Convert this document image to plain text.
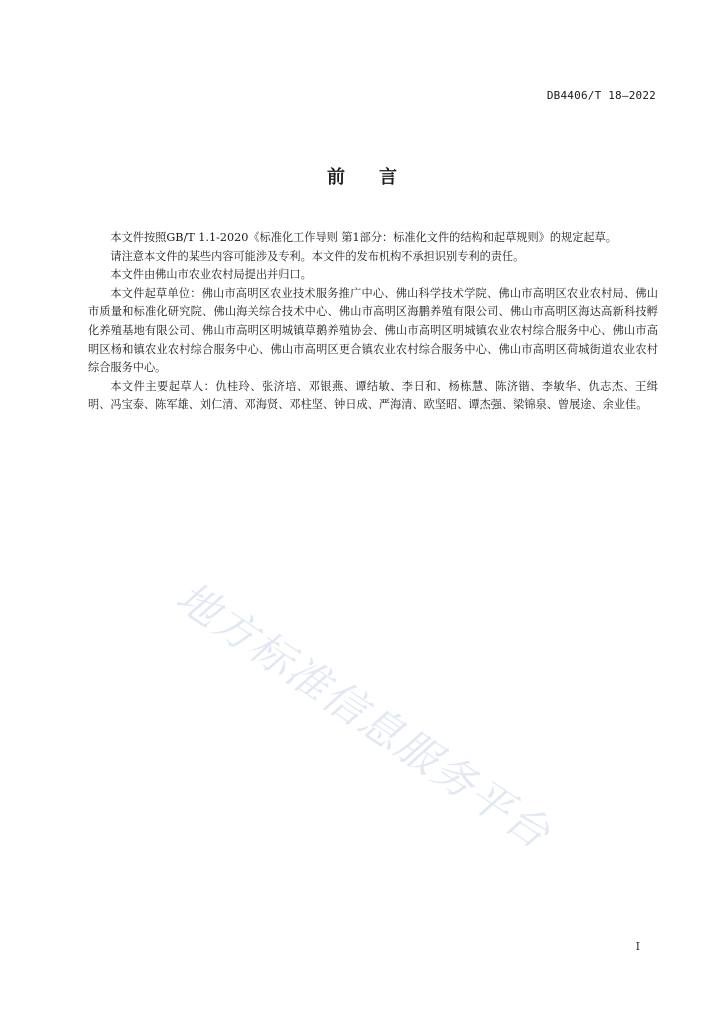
DB4406/T 18—2022
前言

本文件按照GB/T 1.1-2020《标准化工作导则 第1部分：标准化文件的结构和起草规则》的规定起草。

请注意本文件的某些内容可能涉及专利。本文件的发布机构不承担识别专利的责任。

本文件由佛山市农业农村局提出并归口。

本文件起草单位：佛山市高明区农业技术服务推广中心、佛山科学技术学院、佛山市高明区农业农村局、佛山市质量和标准化研究院、佛山海关综合技术中心、佛山市高明区海鹏养殖有限公司、佛山市高明区海达高新科技孵化养殖基地有限公司、佛山市高明区明城镇草鹅养殖协会、佛山市高明区明城镇农业农村综合服务中心、佛山市高明区杨和镇农业农村综合服务中心、佛山市高明区更合镇农业农村综合服务中心、佛山市高明区荷城街道农业农村综合服务中心。

本文件主要起草人：仇桂玲、张济培、邓银燕、谭结敏、李日和、杨栋慧、陈济锴、李敏华、仇志杰、王缉明、冯宝泰、陈军雄、刘仁清、邓海贤、邓柱坚、钟日成、严海清、欧坚昭、谭杰强、梁锦泉、曾展途、余业佳。

地方标准信息服务平台
I
